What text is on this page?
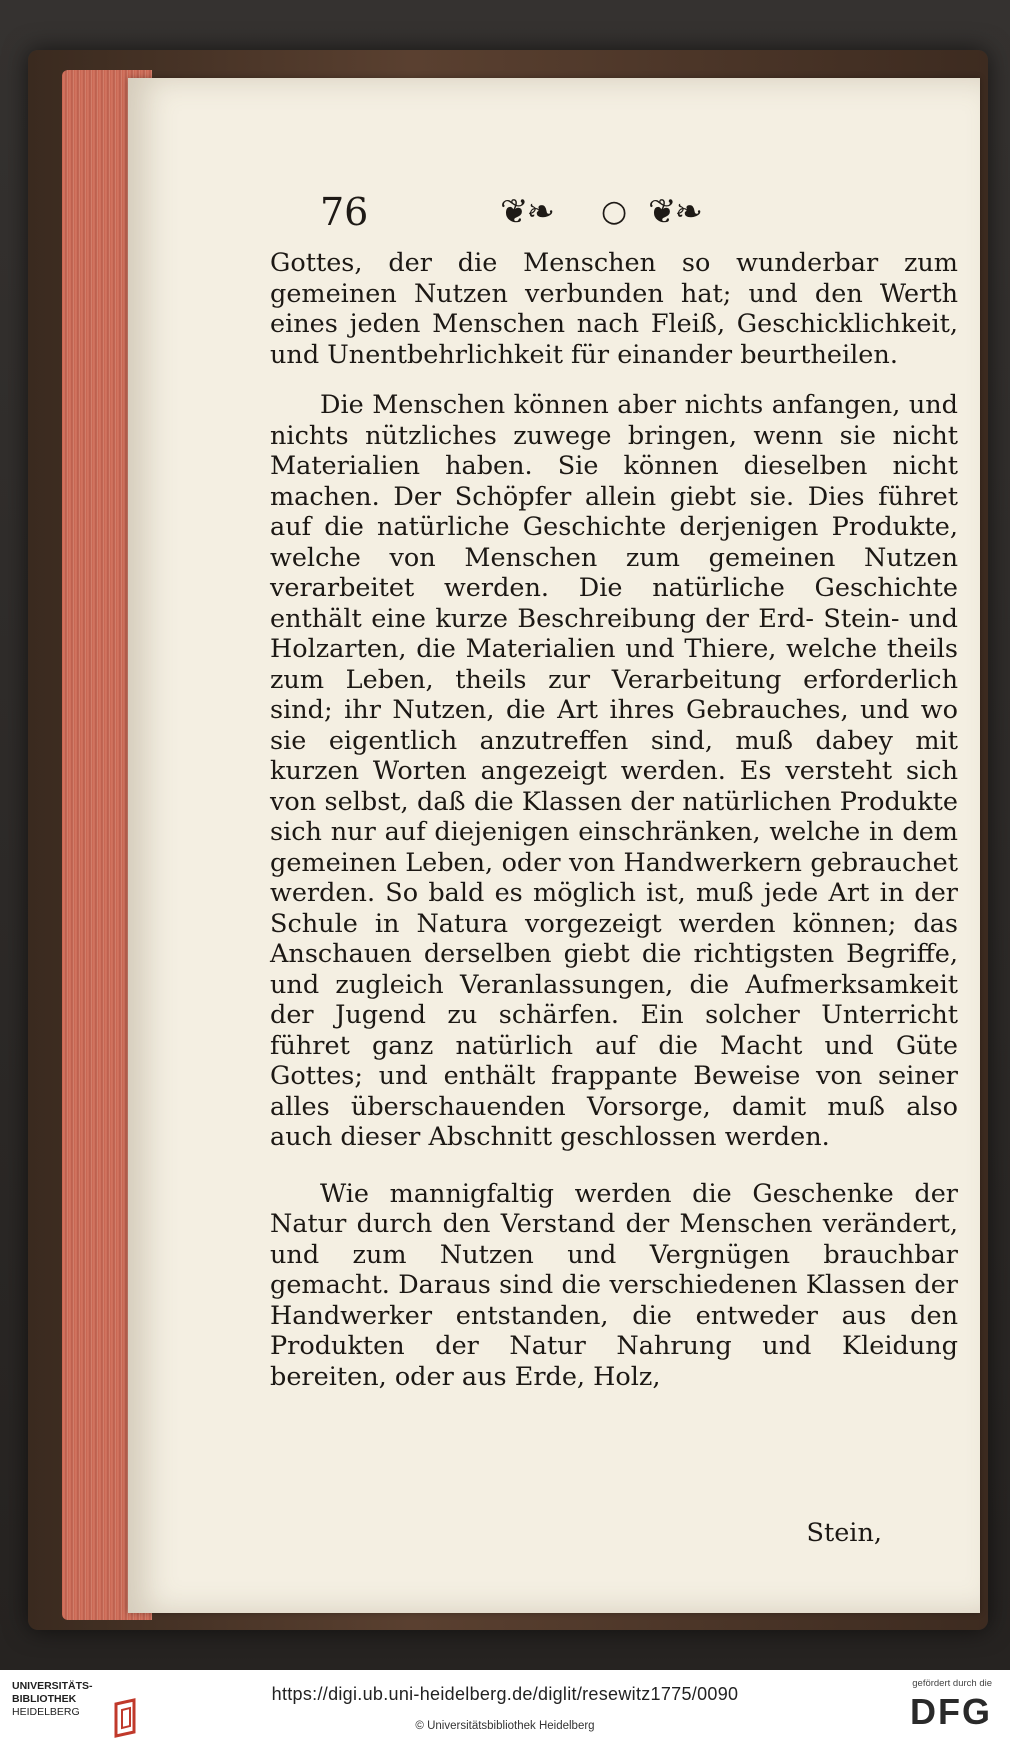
76	❦❧ ○ ❦❧

Gottes, der die Menschen so wunderbar zum gemeinen Nutzen verbunden hat; und den Werth eines jeden Menschen nach Fleiß, Geschicklichkeit, und Unentbehrlichkeit für einander beurtheilen.

Die Menschen können aber nichts anfangen, und nichts nützliches zuwege bringen, wenn sie nicht Materialien haben. Sie können dieselben nicht machen. Der Schöpfer allein giebt sie. Dies führet auf die natürliche Geschichte derjenigen Produkte, welche von Menschen zum gemeinen Nutzen verarbeitet werden. Die natürliche Geschichte enthält eine kurze Beschreibung der Erd- Stein- und Holzarten, die Materialien und Thiere, welche theils zum Leben, theils zur Verarbeitung erforderlich sind; ihr Nutzen, die Art ihres Gebrauches, und wo sie eigentlich anzutreffen sind, muß dabey mit kurzen Worten angezeigt werden. Es versteht sich von selbst, daß die Klassen der natürlichen Produkte sich nur auf diejenigen einschränken, welche in dem gemeinen Leben, oder von Handwerkern gebrauchet werden. So bald es möglich ist, muß jede Art in der Schule in Natura vorgezeigt werden können; das Anschauen derselben giebt die richtigsten Begriffe, und zugleich Veranlassungen, die Aufmerksamkeit der Jugend zu schärfen. Ein solcher Unterricht führet ganz natürlich auf die Macht und Güte Gottes; und enthält frappante Beweise von seiner alles überschauenden Vorsorge, damit muß also auch dieser Abschnitt geschlossen werden.

Wie mannigfaltig werden die Geschenke der Natur durch den Verstand der Menschen verändert, und zum Nutzen und Vergnügen brauchbar gemacht. Daraus sind die verschiedenen Klassen der Handwerker entstanden, die entweder aus den Produkten der Natur Nahrung und Kleidung bereiten, oder aus Erde, Holz,

Stein,
UNIVERSITÄTS-
BIBLIOTHEK
HEIDELBERG
https://digi.ub.uni-heidelberg.de/diglit/resewitz1775/0090
© Universitätsbibliothek Heidelberg
gefördert durch die
DFG
